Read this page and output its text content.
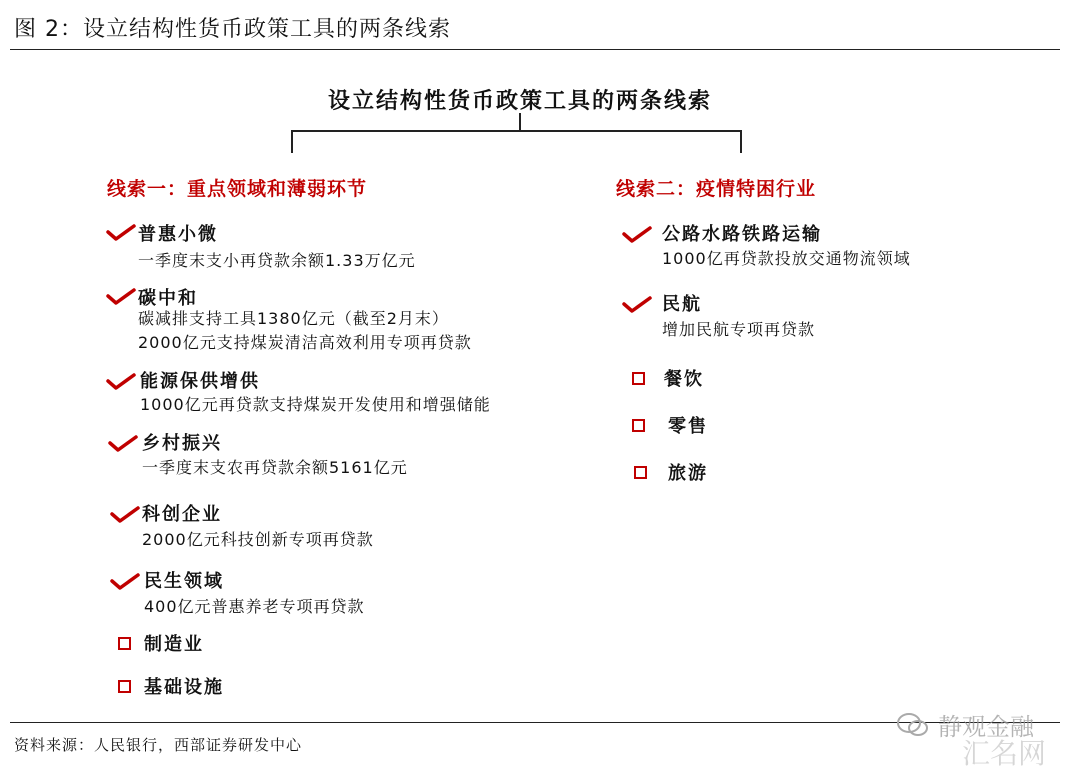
图 2：设立结构性货币政策工具的两条线索
设立结构性货币政策工具的两条线索
线索一：重点领域和薄弱环节
普惠小微
一季度末支小再贷款余额1.33万亿元
碳中和
碳减排支持工具1380亿元（截至2月末）
2000亿元支持煤炭清洁高效利用专项再贷款
能源保供增供
1000亿元再贷款支持煤炭开发使用和增强储能
乡村振兴
一季度末支农再贷款余额5161亿元
科创企业
2000亿元科技创新专项再贷款
民生领域
400亿元普惠养老专项再贷款
制造业
基础设施
线索二：疫情特困行业
公路水路铁路运输
1000亿再贷款投放交通物流领域
民航
增加民航专项再贷款
餐饮
零售
旅游
资料来源：人民银行，西部证券研发中心
静观金融
汇名网
